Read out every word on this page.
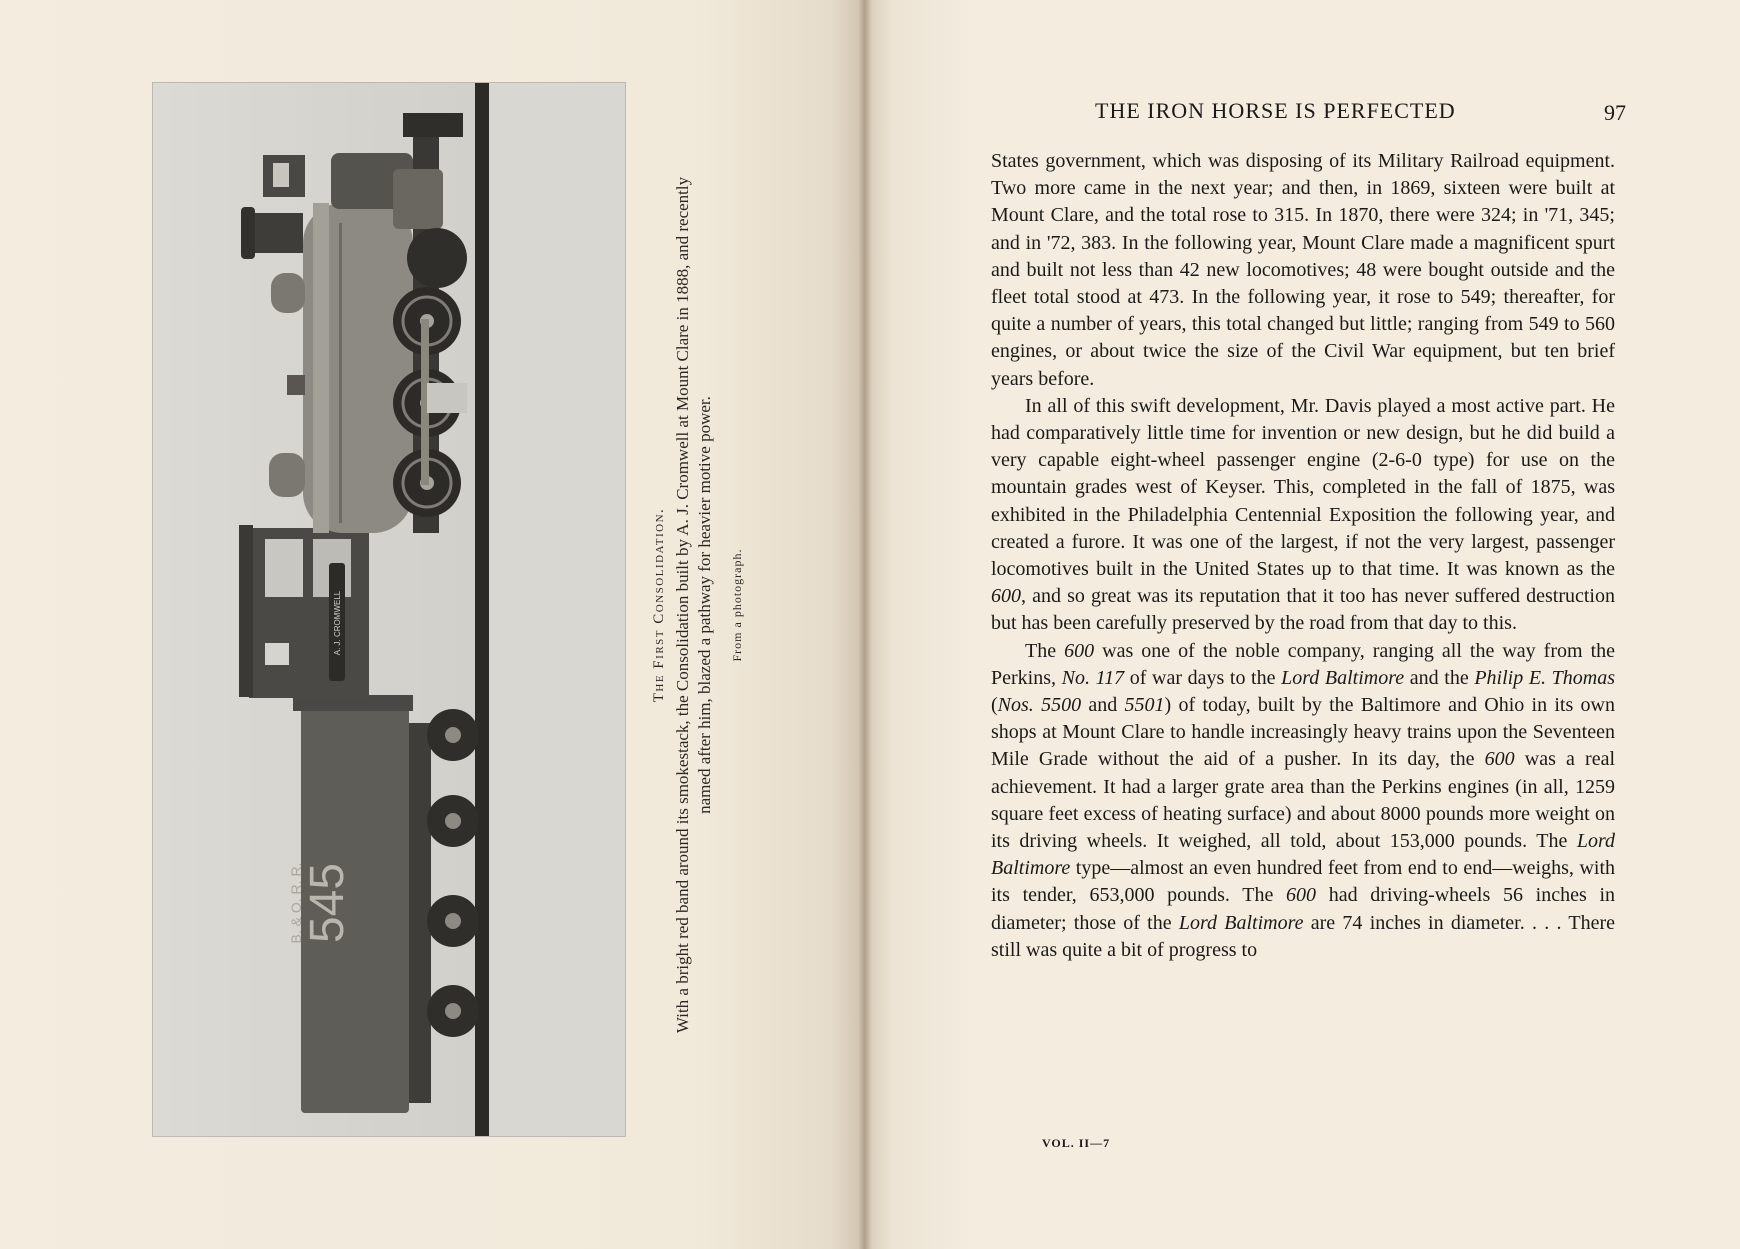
545
B. & O. R. R.
A. J. CROMWELL	The First Consolidation. With a bright red band around its smokestack, the Consolidation built by A. J. Cromwell at Mount Clare in 1888, and recently named after him, blazed a pathway for heavier motive power. From a photograph.
THE IRON HORSE IS PERFECTED	97

States government, which was disposing of its Military Railroad equipment. Two more came in the next year; and then, in 1869, sixteen were built at Mount Clare, and the total rose to 315. In 1870, there were 324; in '71, 345; and in '72, 383. In the following year, Mount Clare made a magnificent spurt and built not less than 42 new locomotives; 48 were bought outside and the fleet total stood at 473. In the following year, it rose to 549; thereafter, for quite a number of years, this total changed but little; ranging from 549 to 560 engines, or about twice the size of the Civil War equipment, but ten brief years before.

In all of this swift development, Mr. Davis played a most active part. He had comparatively little time for invention or new design, but he did build a very capable eight-wheel passenger engine (2-6-0 type) for use on the mountain grades west of Keyser. This, completed in the fall of 1875, was exhibited in the Philadelphia Centennial Exposition the following year, and created a furore. It was one of the largest, if not the very largest, passenger locomotives built in the United States up to that time. It was known as the 600, and so great was its reputation that it too has never suffered destruction but has been carefully preserved by the road from that day to this.

The 600 was one of the noble company, ranging all the way from the Perkins, No. 117 of war days to the Lord Baltimore and the Philip E. Thomas (Nos. 5500 and 5501) of today, built by the Baltimore and Ohio in its own shops at Mount Clare to handle increasingly heavy trains upon the Seventeen Mile Grade without the aid of a pusher. In its day, the 600 was a real achievement. It had a larger grate area than the Perkins engines (in all, 1259 square feet excess of heating surface) and about 8000 pounds more weight on its driving wheels. It weighed, all told, about 153,000 pounds. The Lord Baltimore type—almost an even hundred feet from end to end—weighs, with its tender, 653,000 pounds. The 600 had driving-wheels 56 inches in diameter; those of the Lord Baltimore are 74 inches in diameter. . . . There still was quite a bit of progress to

VOL. II—7
